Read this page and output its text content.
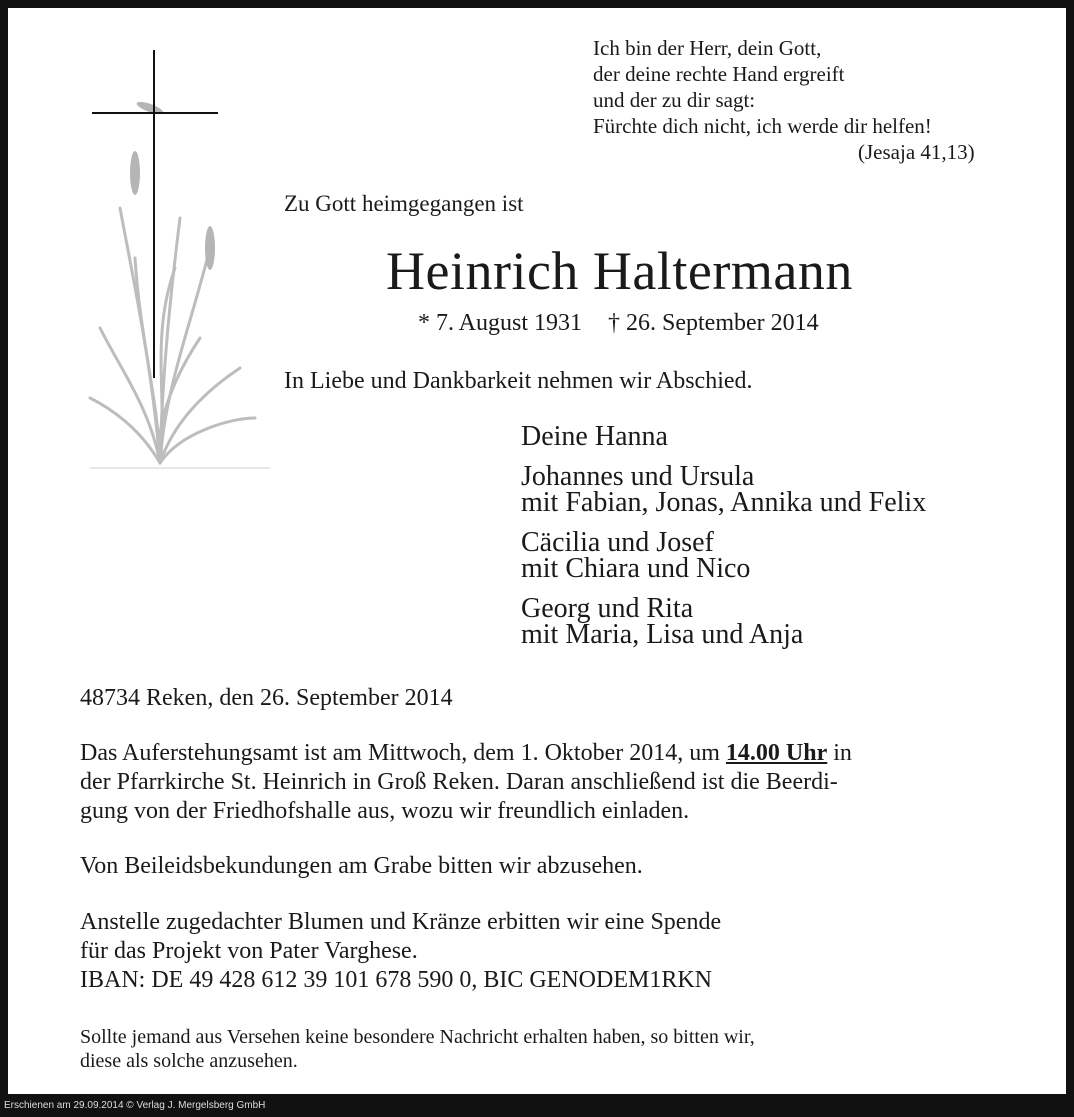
Ich bin der Herr, dein Gott,
der deine rechte Hand ergreift
und der zu dir sagt:
Fürchte dich nicht, ich werde dir helfen!
(Jesaja 41,13)
Zu Gott heimgegangen ist
Heinrich Haltermann
* 7. August 1931 † 26. September 2014
In Liebe und Dankbarkeit nehmen wir Abschied.
Deine Hanna
Johannes und Ursula
mit Fabian, Jonas, Annika und Felix
Cäcilia und Josef
mit Chiara und Nico
Georg und Rita
mit Maria, Lisa und Anja
48734 Reken, den 26. September 2014
Das Auferstehungsamt ist am Mittwoch, dem 1. Oktober 2014, um 14.00 Uhr in
der Pfarrkirche St. Heinrich in Groß Reken. Daran anschließend ist die Beerdi-
gung von der Friedhofshalle aus, wozu wir freundlich einladen.
Von Beileidsbekundungen am Grabe bitten wir abzusehen.
Anstelle zugedachter Blumen und Kränze erbitten wir eine Spende
für das Projekt von Pater Varghese.
IBAN: DE 49 428 612 39 101 678 590 0, BIC GENODEM1RKN
Sollte jemand aus Versehen keine besondere Nachricht erhalten haben, so bitten wir,
diese als solche anzusehen.
Erschienen am 29.09.2014 © Verlag J. Mergelsberg GmbH
